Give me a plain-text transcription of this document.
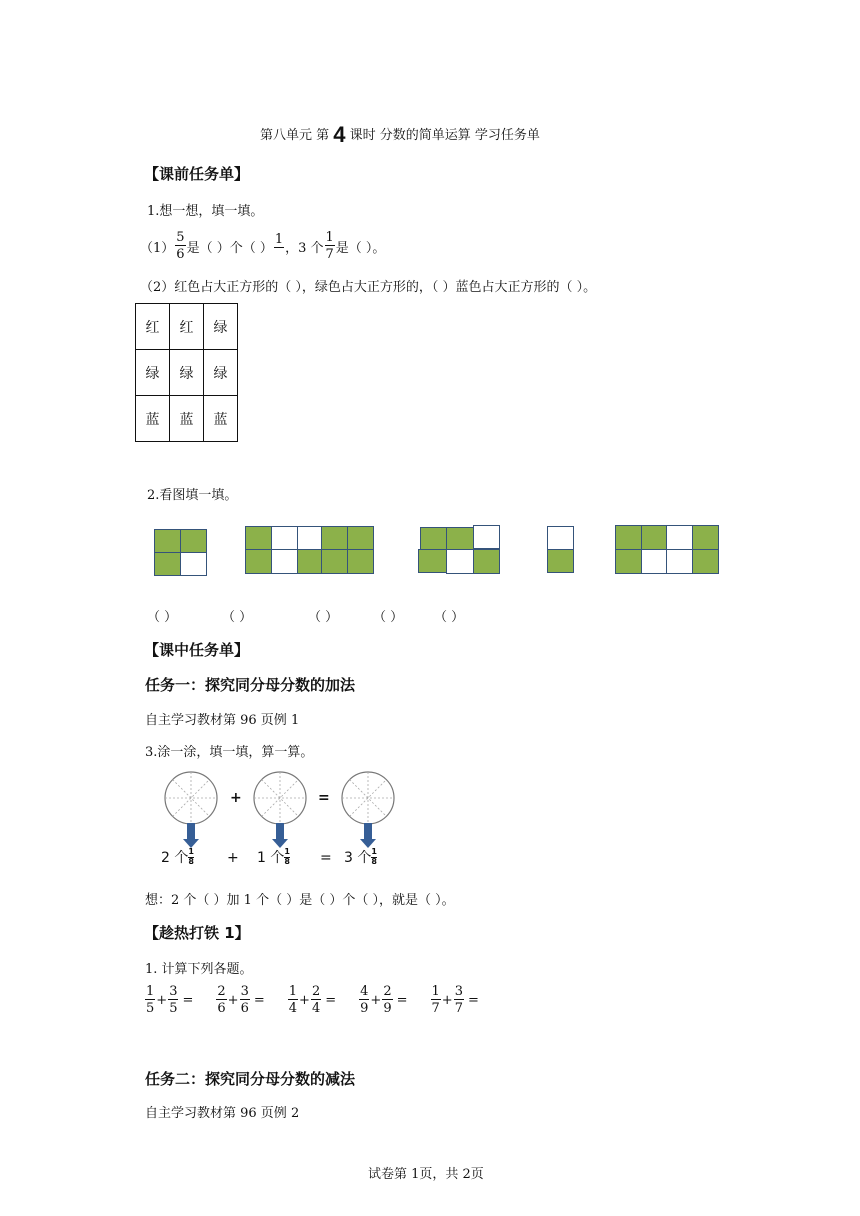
第八单元 第 4 课时 分数的简单运算 学习任务单
【课前任务单】
1.想一想，填一填。
$(1) \frac{5}{6}$ 是（ ）个（ ）
1
，3 个 $\frac{1}{7}$ 是（ ）。
（2）红色占大正方形的（ ），绿色占大正方形的，（ ）蓝色占大正方形的（ ）。
红	红	绿
绿	绿	绿
蓝	蓝	蓝
2.看图填一填。
（ ）	（ ）	（ ）	（ ） （ ）
【课中任务单】
任务一：探究同分母分数的加法
自主学习教材第 96 页例 1
3.涂一涂，填一填，算一算。
+	=
2 个 $\frac{1}{8} + 1$ 个 $\frac{1}{8} = 3$ 个 $\frac{1}{8}$
想：2 个（ ）加 1 个（ ）是（ ）个（ ），就是（ ）。
【趁热打铁 1】
1. 计算下列各题。
$\frac{1}{5} + \frac{3}{5} = \frac{2}{6} + \frac{3}{6} = \frac{1}{4} + \frac{2}{4} = \frac{4}{9} + \frac{2}{9} = \frac{1}{7} + \frac{3}{7}$ =
任务二：探究同分母分数的减法
自主学习教材第 96 页例 2
试卷第 1页，共 2页
